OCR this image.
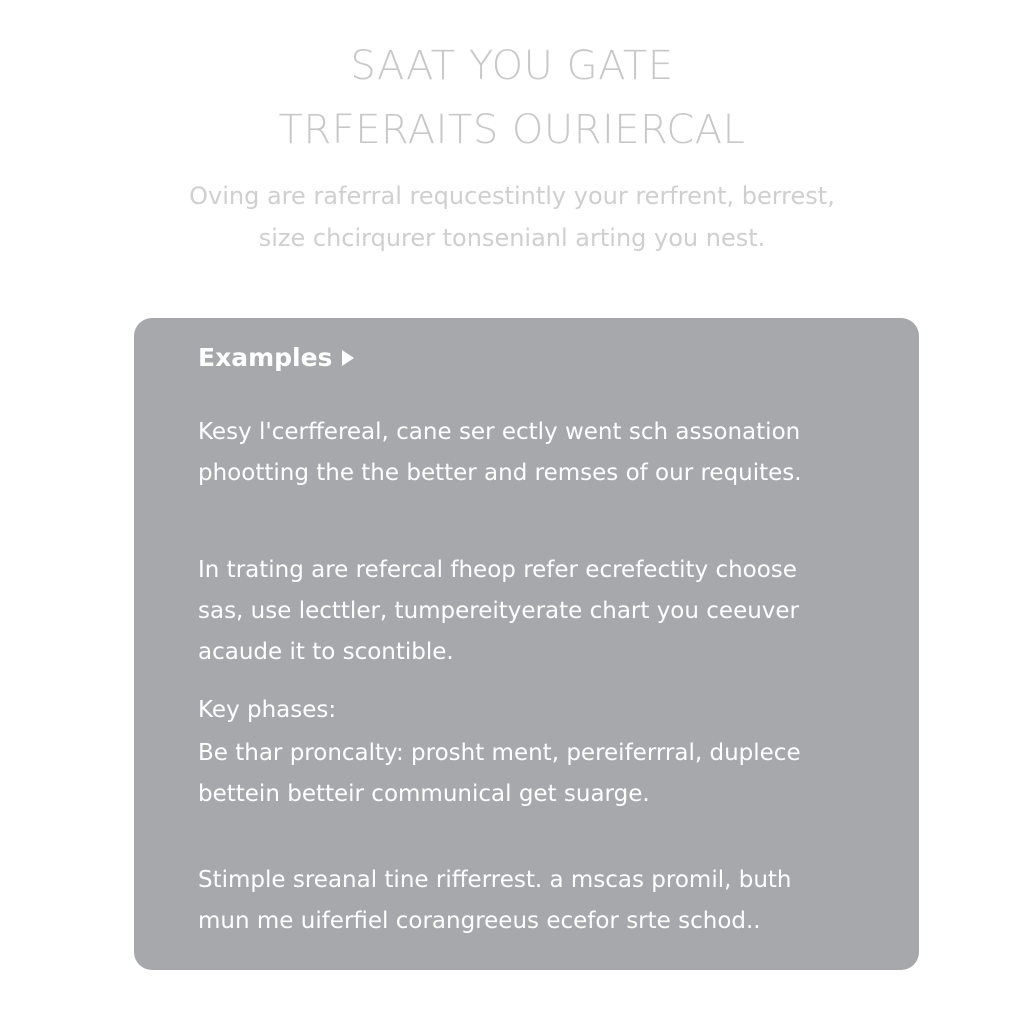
SAAT YOU GATE
TRFERAITS OURIERCAL

Oving are raferral requcestintly your rerfrent, berrest,

size chcirqurer tonsenianl arting you nest.

Examples
Kesy l'cerffereal, cane ser ectly went sch assonation
phootting the the better and remses of our requites.
In trating are refercal fheop refer ecrefectity choose
sas, use lecttler, tumpereityerate chart you ceeuver
acaude it to scontible.
Key phases:
Be thar proncalty: prosht ment, pereiferrral, duplece
bettein betteir communical get suarge.
Stimple sreanal tine rifferrest. a mscas promil, buth
mun me uiferfiel corangreeus ecefor srte schod..
